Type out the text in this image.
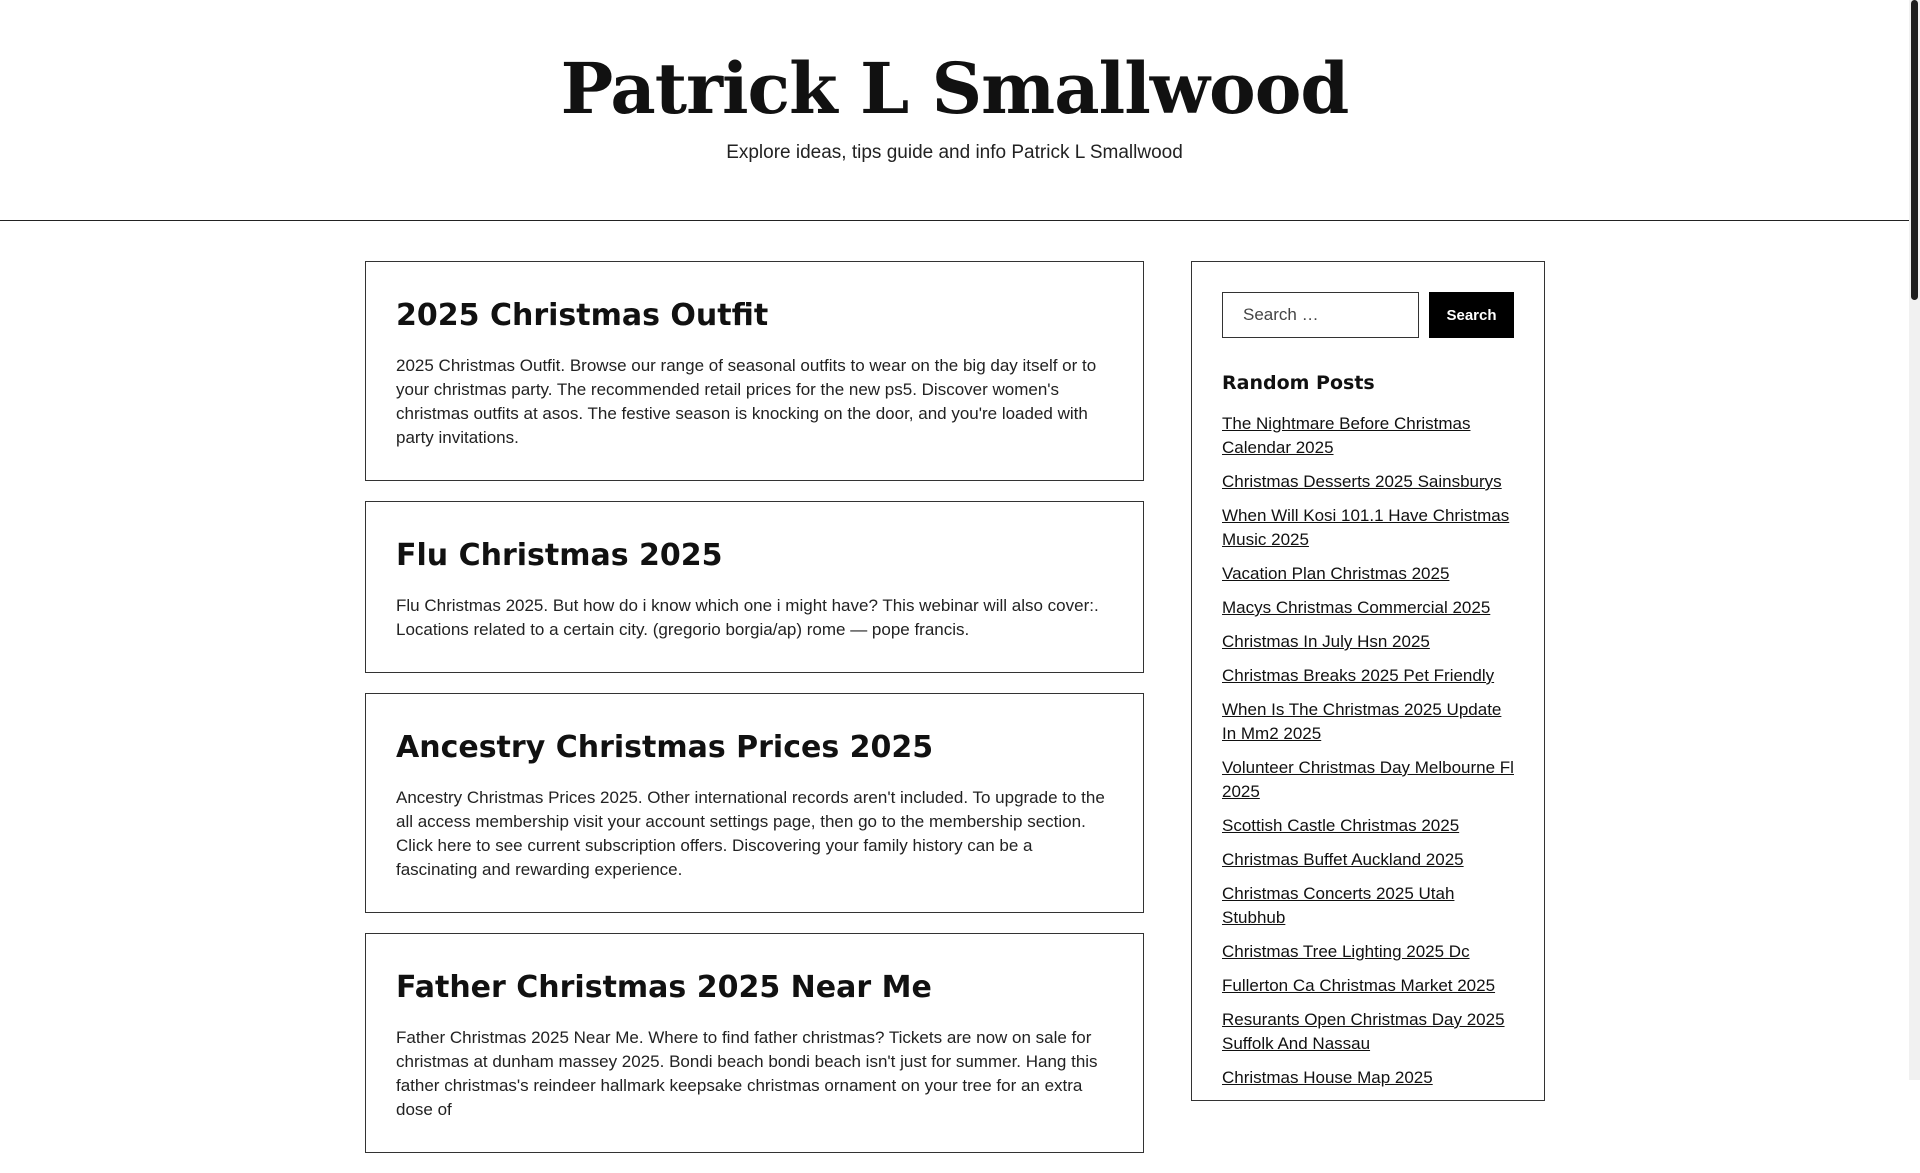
Patrick L Smallwood
Explore ideas, tips guide and info Patrick L Smallwood
2025 Christmas Outfit

2025 Christmas Outfit. Browse our range of seasonal outfits to wear on the big day itself or to your christmas party. The recommended retail prices for the new ps5. Discover women's christmas outfits at asos. The festive season is knocking on the door, and you're loaded with party invitations.

Flu Christmas 2025

Flu Christmas 2025. But how do i know which one i might have? This webinar will also cover:. Locations related to a certain city. (gregorio borgia/ap) rome — pope francis.

Ancestry Christmas Prices 2025

Ancestry Christmas Prices 2025. Other international records aren't included. To upgrade to the all access membership visit your account settings page, then go to the membership section. Click here to see current subscription offers. Discovering your family history can be a fascinating and rewarding experience.

Father Christmas 2025 Near Me

Father Christmas 2025 Near Me. Where to find father christmas? Tickets are now on sale for christmas at dunham massey 2025. Bondi beach bondi beach isn't just for summer. Hang this father christmas's reindeer hallmark keepsake christmas ornament on your tree for an extra dose of

Search …
Search
Random Posts
The Nightmare Before Christmas Calendar 2025
Christmas Desserts 2025 Sainsburys
When Will Kosi 101.1 Have Christmas Music 2025
Vacation Plan Christmas 2025
Macys Christmas Commercial 2025
Christmas In July Hsn 2025
Christmas Breaks 2025 Pet Friendly
When Is The Christmas 2025 Update In Mm2 2025
Volunteer Christmas Day Melbourne Fl 2025
Scottish Castle Christmas 2025
Christmas Buffet Auckland 2025
Christmas Concerts 2025 Utah Stubhub
Christmas Tree Lighting 2025 Dc
Fullerton Ca Christmas Market 2025
Resurants Open Christmas Day 2025 Suffolk And Nassau
Christmas House Map 2025
